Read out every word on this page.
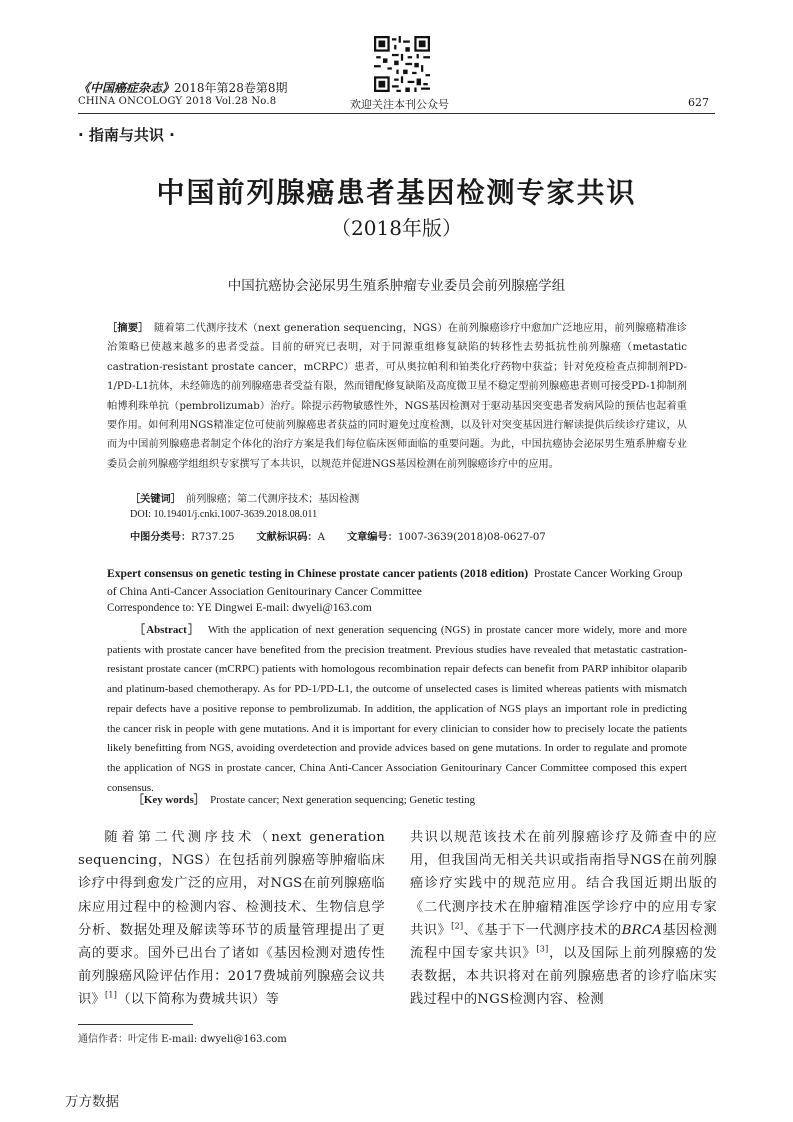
《中国癌症杂志》2018年第28卷第8期
CHINA ONCOLOGY 2018 Vol.28 No.8	欢迎关注本刊公众号	627
· 指南与共识 ·
中国前列腺癌患者基因检测专家共识
（2018年版）
中国抗癌协会泌尿男生殖系肿瘤专业委员会前列腺癌学组
［摘要］  随着第二代测序技术（next generation sequencing，NGS）在前列腺癌诊疗中愈加广泛地应用，前列腺癌精准诊治策略已使越来越多的患者受益。目前的研究已表明，对于同源重组修复缺陷的转移性去势抵抗性前列腺癌（metastatic castration-resistant prostate cancer，mCRPC）患者，可从奥拉帕利和铂类化疗药物中获益；针对免疫检查点抑制剂PD-1/PD-L1抗体，未经筛选的前列腺癌患者受益有限，然而错配修复缺陷及高度微卫星不稳定型前列腺癌患者则可接受PD-1抑制剂帕博利珠单抗（pembrolizumab）治疗。除提示药物敏感性外，NGS基因检测对于驱动基因突变患者发病风险的预估也起着重要作用。如何利用NGS精准定位可使前列腺癌患者获益的同时避免过度检测，以及针对突变基因进行解读提供后续诊疗建议，从而为中国前列腺癌患者制定个体化的治疗方案是我们每位临床医师面临的重要问题。为此，中国抗癌协会泌尿男生殖系肿瘤专业委员会前列腺癌学组组织专家撰写了本共识，以规范并促进NGS基因检测在前列腺癌诊疗中的应用。
［关键词］  前列腺癌；第二代测序技术；基因检测
DOI: 10.19401/j.cnki.1007-3639.2018.08.011
中图分类号：R737.25 文献标识码：A 文章编号：1007-3639(2018)08-0627-07
Expert consensus on genetic testing in Chinese prostate cancer patients (2018 edition) Prostate Cancer Working Group of China Anti-Cancer Association Genitourinary Cancer Committee
Correspondence to: YE Dingwei E-mail: dwyeli@163.com
［Abstract］ With the application of next generation sequencing (NGS) in prostate cancer more widely, more and more patients with prostate cancer have benefited from the precision treatment. Previous studies have revealed that metastatic castration-resistant prostate cancer (mCRPC) patients with homologous recombination repair defects can benefit from PARP inhibitor olaparib and platinum-based chemotherapy. As for PD-1/PD-L1, the outcome of unselected cases is limited whereas patients with mismatch repair defects have a positive reponse to pembrolizumab. In addition, the application of NGS plays an important role in predicting the cancer risk in people with gene mutations. And it is important for every clinician to consider how to precisely locate the patients likely benefitting from NGS, avoiding overdetection and provide advices based on gene mutations. In order to regulate and promote the application of NGS in prostate cancer, China Anti-Cancer Association Genitourinary Cancer Committee composed this expert consensus.
［Key words］ Prostate cancer; Next generation sequencing; Genetic testing
随着第二代测序技术（next generation sequencing，NGS）在包括前列腺癌等肿瘤临床诊疗中得到愈发广泛的应用，对NGS在前列腺癌临床应用过程中的检测内容、检测技术、生物信息学分析、数据处理及解读等环节的质量管理提出了更高的要求。国外已出台了诸如《基因检测对遗传性前列腺癌风险评估作用：2017费城前列腺癌会议共识》[1]（以下简称为费城共识）等
共识以规范该技术在前列腺癌诊疗及筛查中的应用，但我国尚无相关共识或指南指导NGS在前列腺癌诊疗实践中的规范应用。结合我国近期出版的《二代测序技术在肿瘤精准医学诊疗中的应用专家共识》[2]、《基于下一代测序技术的BRCA基因检测流程中国专家共识》[3]，以及国际上前列腺癌的发表数据，本共识将对在前列腺癌患者的诊疗临床实践过程中的NGS检测内容、检测
通信作者：叶定伟 E-mail: dwyeli@163.com
万方数据
